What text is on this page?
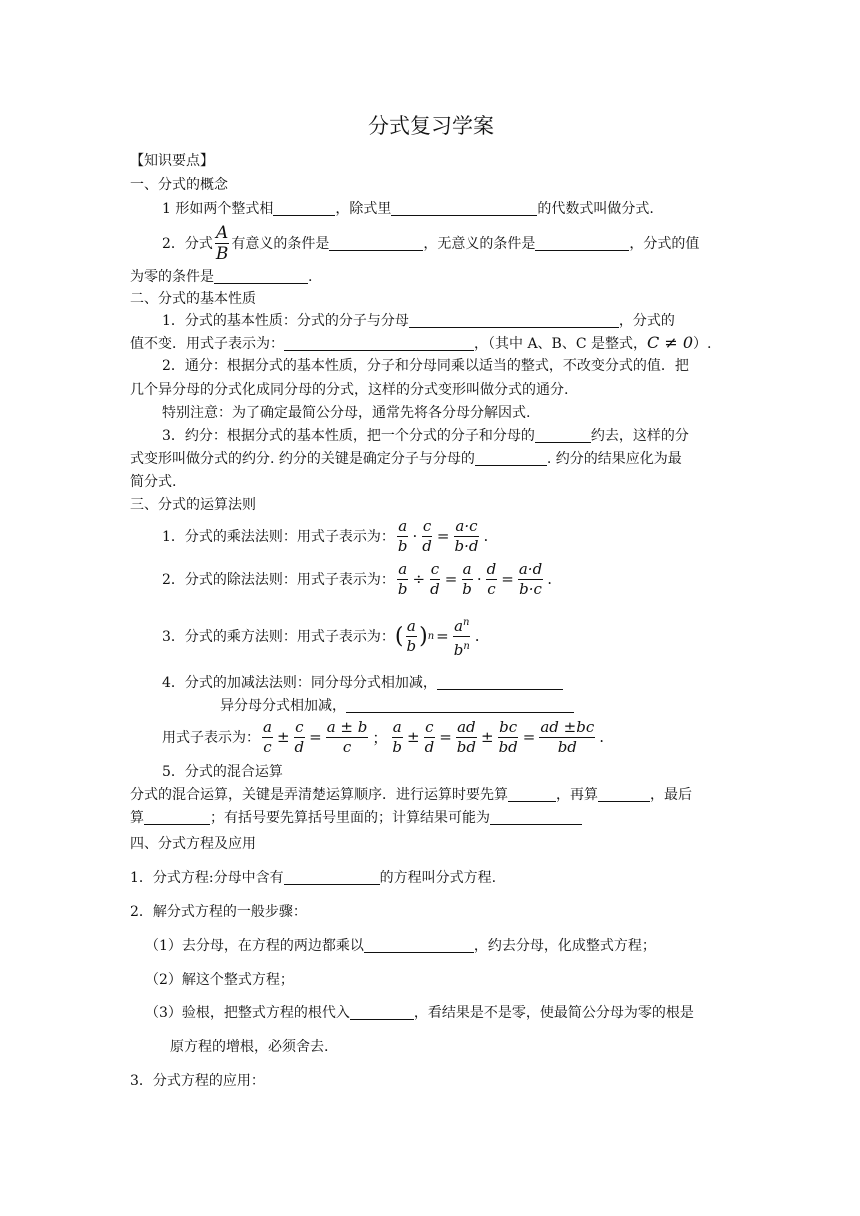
分式复习学案
【知识要点】
一、分式的概念
1 形如两个整式相	，除式里	的代数式叫做分式.
2．分式 $\frac{A}{B}$ 有意义的条件是	，无意义的条件是	，分式的值
为零的条件是	.
二、分式的基本性质
1．分式的基本性质：分式的分子与分母	，分式的
值不变．用式子表示为：	，（其中 A、B、C 是整式，C ≠ 0）.
2．通分：根据分式的基本性质，分子和分母同乘以适当的整式，不改变分式的值．把
几个异分母的分式化成同分母的分式，这样的分式变形叫做分式的通分.
特别注意：为了确定最简公分母，通常先将各分母分解因式.
3．约分：根据分式的基本性质，把一个分式的分子和分母的	约去，这样的分
式变形叫做分式的约分. 约分的关键是确定分子与分母的	. 约分的结果应化为最
简分式.
三、分式的运算法则
1．分式的乘法法则：用式子表示为： $\frac{a}{b} \cdot \frac{c}{d} = \frac{a\cdot c}{b\cdot d}$ .
2．分式的除法法则：用式子表示为： $\frac{a}{b} \div \frac{c}{d} = \frac{a}{b} \cdot \frac{d}{c} = \frac{a\cdot d}{b\cdot c}$ .
3．分式的乘方法则：用式子表示为： ( $\frac{a}{b}$ ) $n = \frac{a^n}{b^n}$ .
4．分式的加减法法则：同分母分式相加减，
异分母分式相加减，
用式子表示为： $\frac{a}{c} \pm \frac{c}{d} = \frac{a \pm b}{c}$ ； $\frac{a}{b} \pm \frac{c}{d} = \frac{ad}{bd} \pm \frac{bc}{bd} = \frac{ad \pm bc}{bd}$ .
5．分式的混合运算
分式的混合运算，关键是弄清楚运算顺序．进行运算时要先算	，再算	，最后
算	；有括号要先算括号里面的；计算结果可能为
四、分式方程及应用
1．分式方程:分母中含有	的方程叫分式方程.
2．解分式方程的一般步骤：
（1）去分母，在方程的两边都乘以	，约去分母，化成整式方程；
（2）解这个整式方程；
（3）验根，把整式方程的根代入	，看结果是不是零，使最简公分母为零的根是
原方程的增根，必须舍去.
3．分式方程的应用：
